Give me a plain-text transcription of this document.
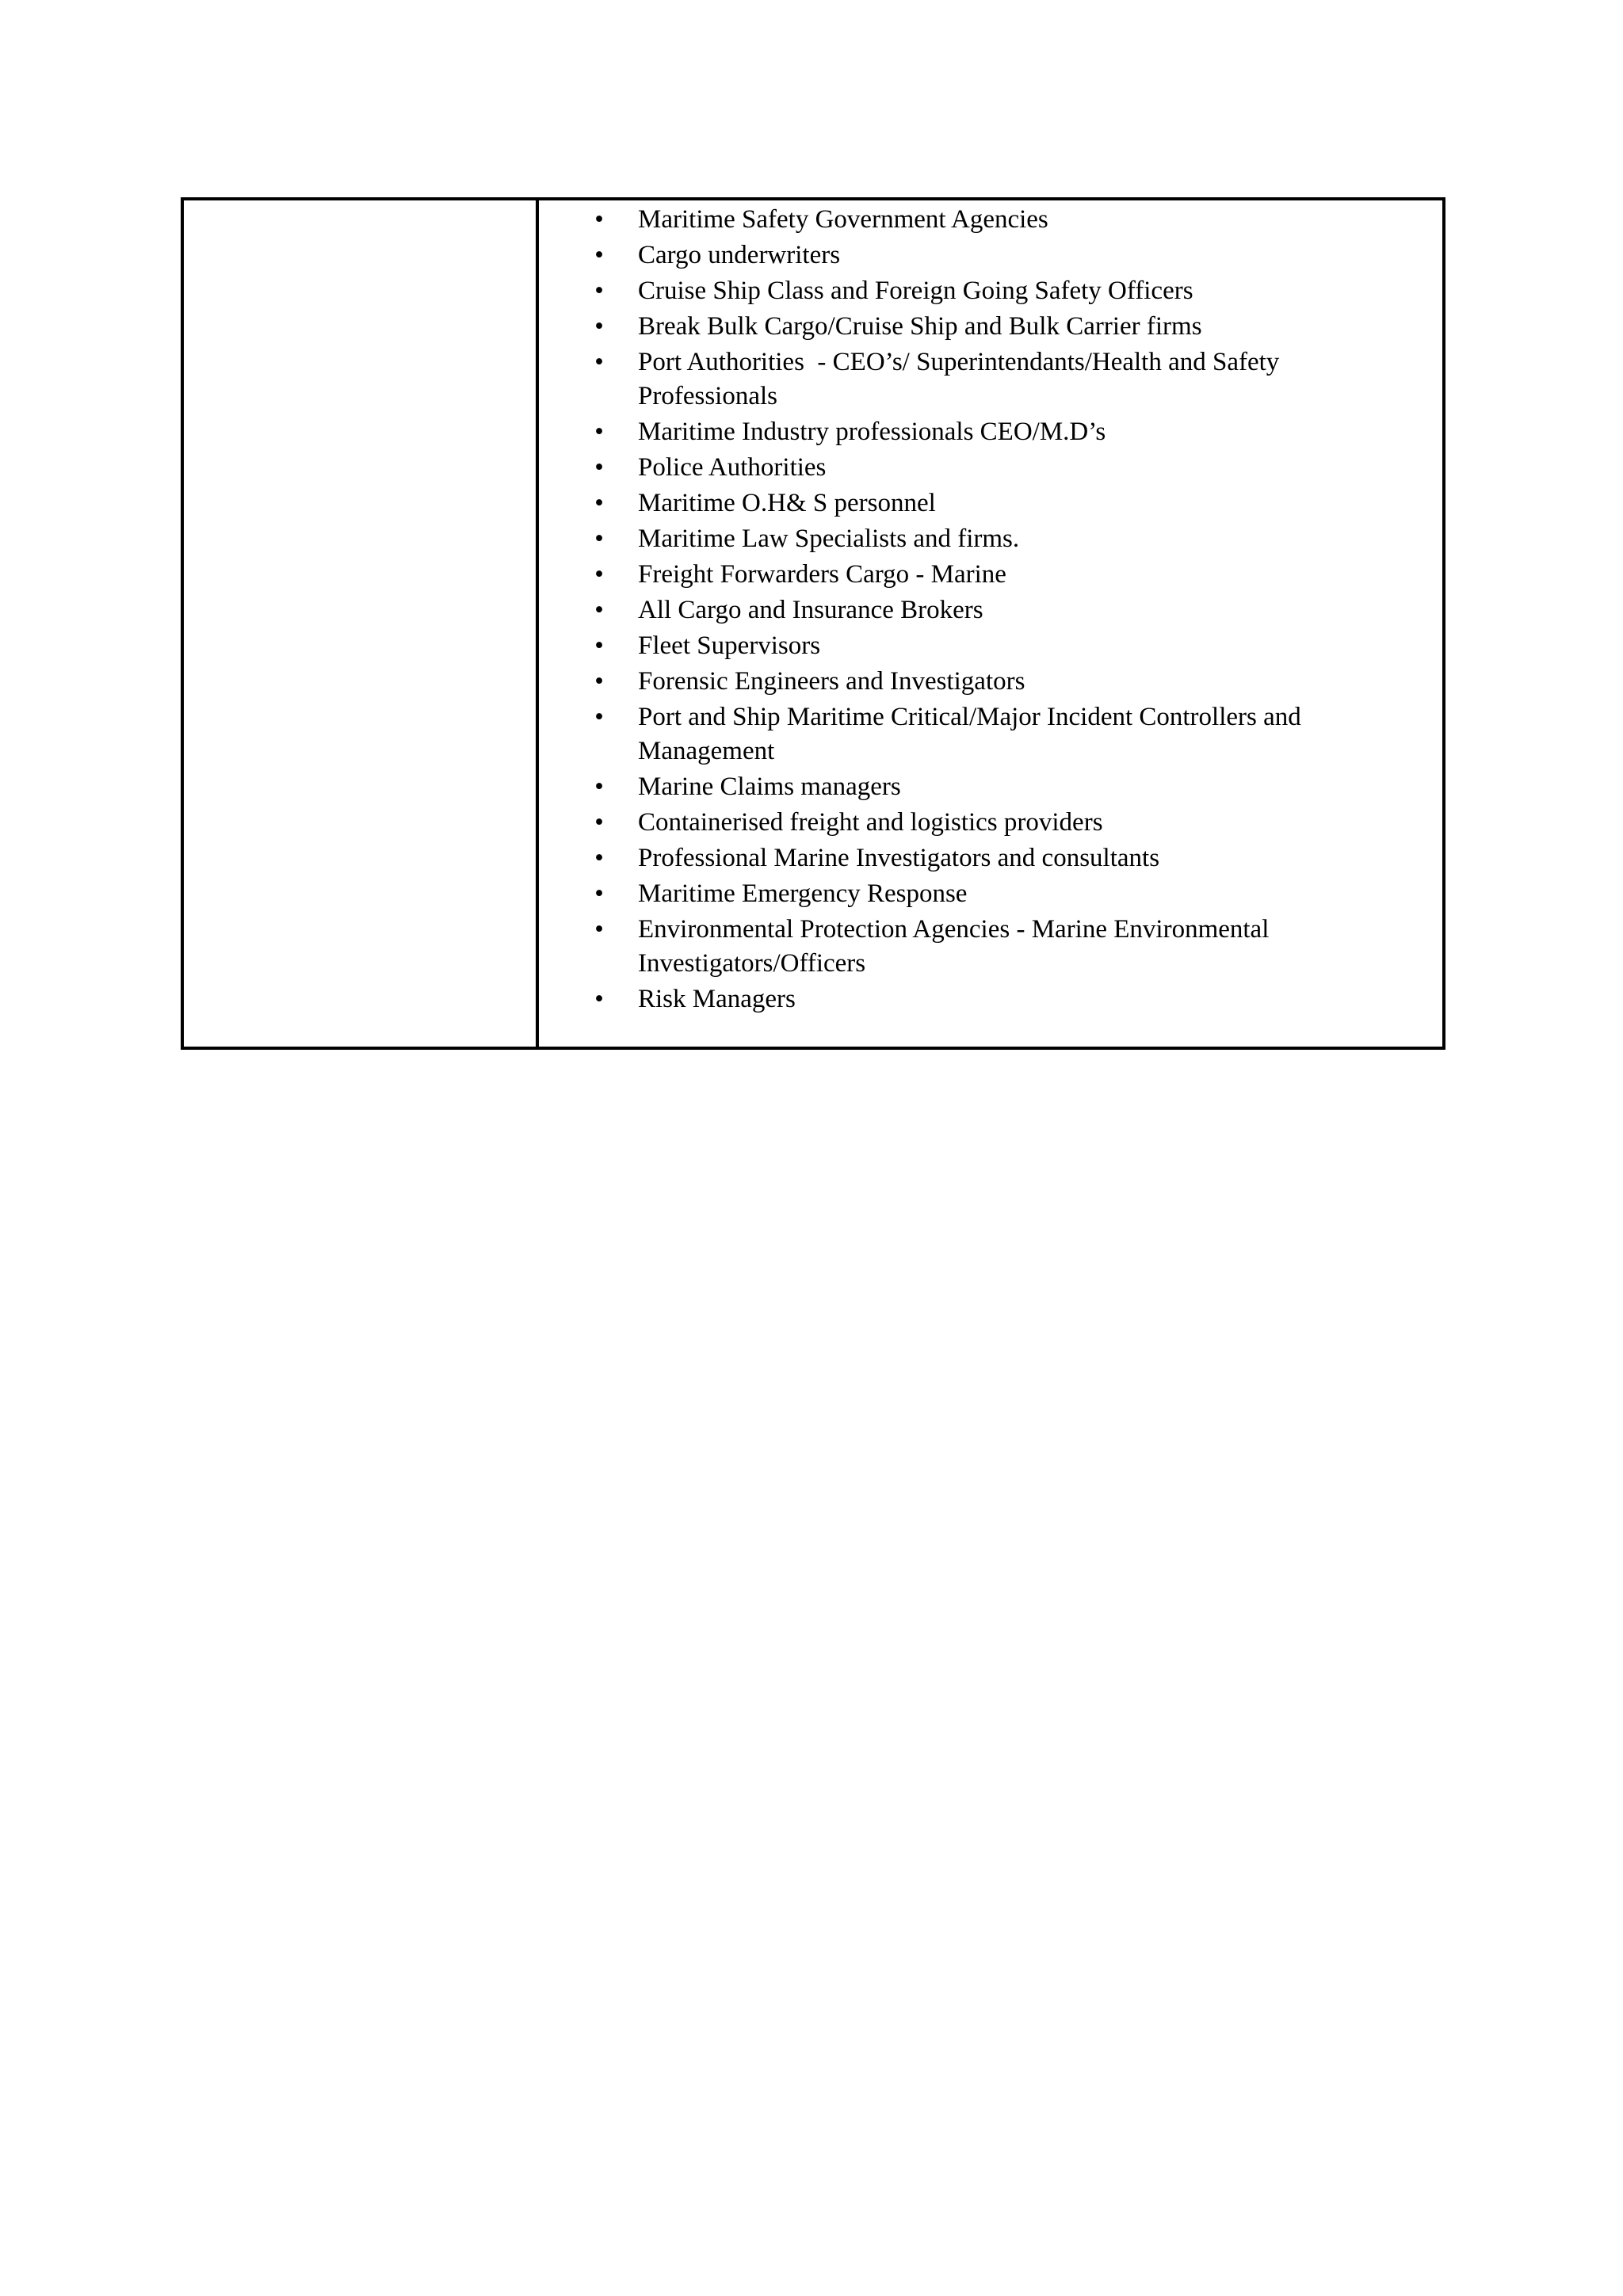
• Maritime Safety Government Agencies
• Cargo underwriters
• Cruise Ship Class and Foreign Going Safety Officers
• Break Bulk Cargo/Cruise Ship and Bulk Carrier firms
• Port Authorities  - CEO’s/ Superintendants/Health and Safety Professionals
• Maritime Industry professionals CEO/M.D’s
• Police Authorities
• Maritime O.H& S personnel
• Maritime Law Specialists and firms.
• Freight Forwarders Cargo - Marine
• All Cargo and Insurance Brokers
• Fleet Supervisors
• Forensic Engineers and Investigators
• Port and Ship Maritime Critical/Major Incident Controllers and Management
• Marine Claims managers
• Containerised freight and logistics providers
• Professional Marine Investigators and consultants
• Maritime Emergency Response
• Environmental Protection Agencies - Marine Environmental Investigators/Officers
• Risk Managers
